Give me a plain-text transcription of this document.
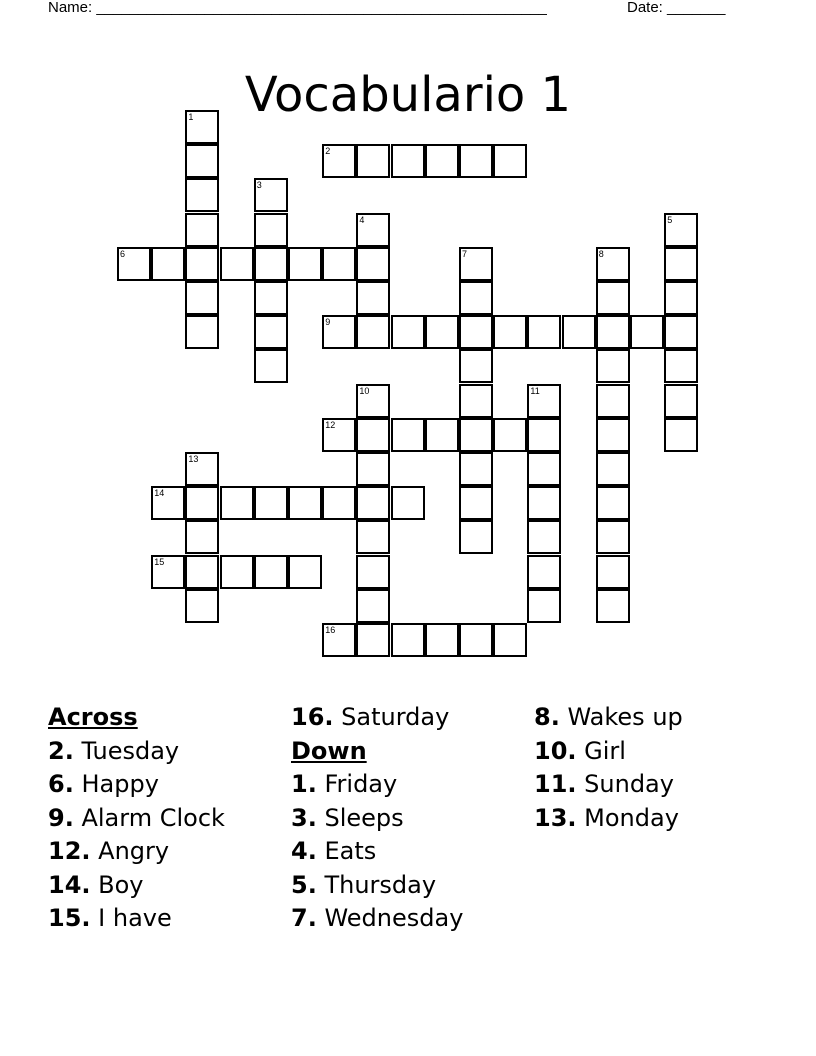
Name: ______________________________________________________	Date: _______
Vocabulario 1
2
6
9
12
14
15
16
1
3
4	5
7	8
10	11
13
Across
2. Tuesday
6. Happy
9. Alarm Clock
12. Angry
14. Boy
15. I have
16. Saturday
Down
1. Friday
3. Sleeps
4. Eats
5. Thursday
7. Wednesday
8. Wakes up
10. Girl
11. Sunday
13. Monday
